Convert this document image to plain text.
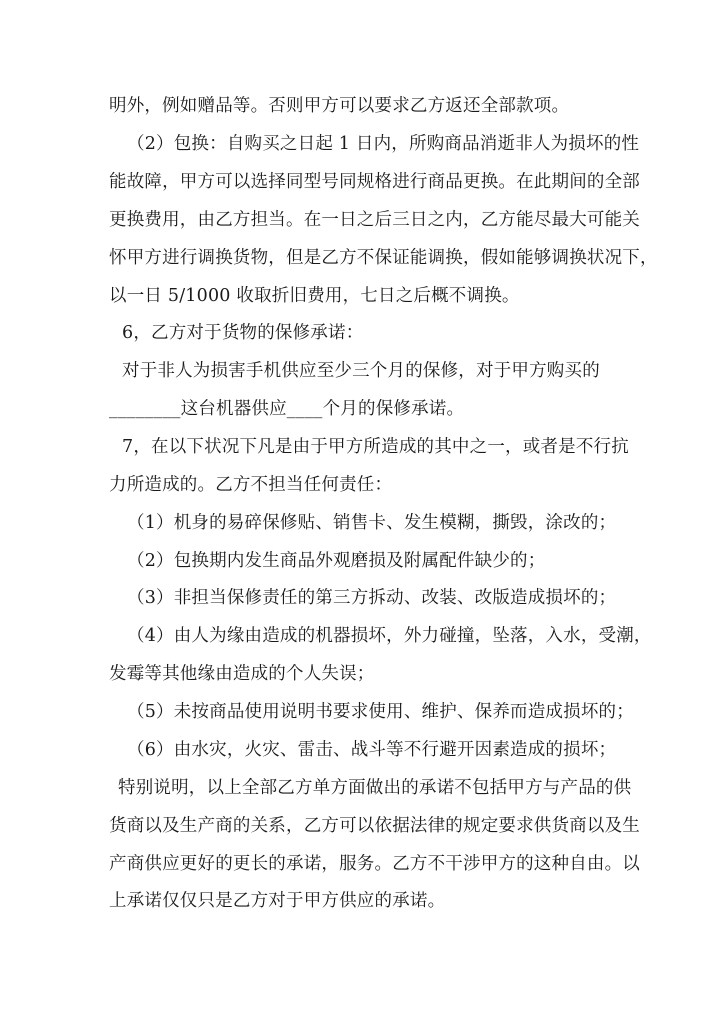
明外，例如赠品等。否则甲方可以要求乙方返还全部款项。
（2）包换：自购买之日起 1 日内，所购商品消逝非人为损坏的性
能故障，甲方可以选择同型号同规格进行商品更换。在此期间的全部
更换费用，由乙方担当。在一日之后三日之内，乙方能尽最大可能关
怀甲方进行调换货物，但是乙方不保证能调换，假如能够调换状况下，
以一日 5/1000 收取折旧费用，七日之后概不调换。
6，乙方对于货物的保修承诺：
对于非人为损害手机供应至少三个月的保修，对于甲方购买的
________这台机器供应____个月的保修承诺。
7，在以下状况下凡是由于甲方所造成的其中之一，或者是不行抗
力所造成的。乙方不担当任何责任：
（1）机身的易碎保修贴、销售卡、发生模糊，撕毁，涂改的；
（2）包换期内发生商品外观磨损及附属配件缺少的；
（3）非担当保修责任的第三方拆动、改装、改版造成损坏的；
（4）由人为缘由造成的机器损坏，外力碰撞，坠落，入水，受潮，
发霉等其他缘由造成的个人失误；
（5）未按商品使用说明书要求使用、维护、保养而造成损坏的；
（6）由水灾，火灾、雷击、战斗等不行避开因素造成的损坏；
特别说明，以上全部乙方单方面做出的承诺不包括甲方与产品的供
货商以及生产商的关系，乙方可以依据法律的规定要求供货商以及生
产商供应更好的更长的承诺，服务。乙方不干涉甲方的这种自由。以
上承诺仅仅只是乙方对于甲方供应的承诺。
